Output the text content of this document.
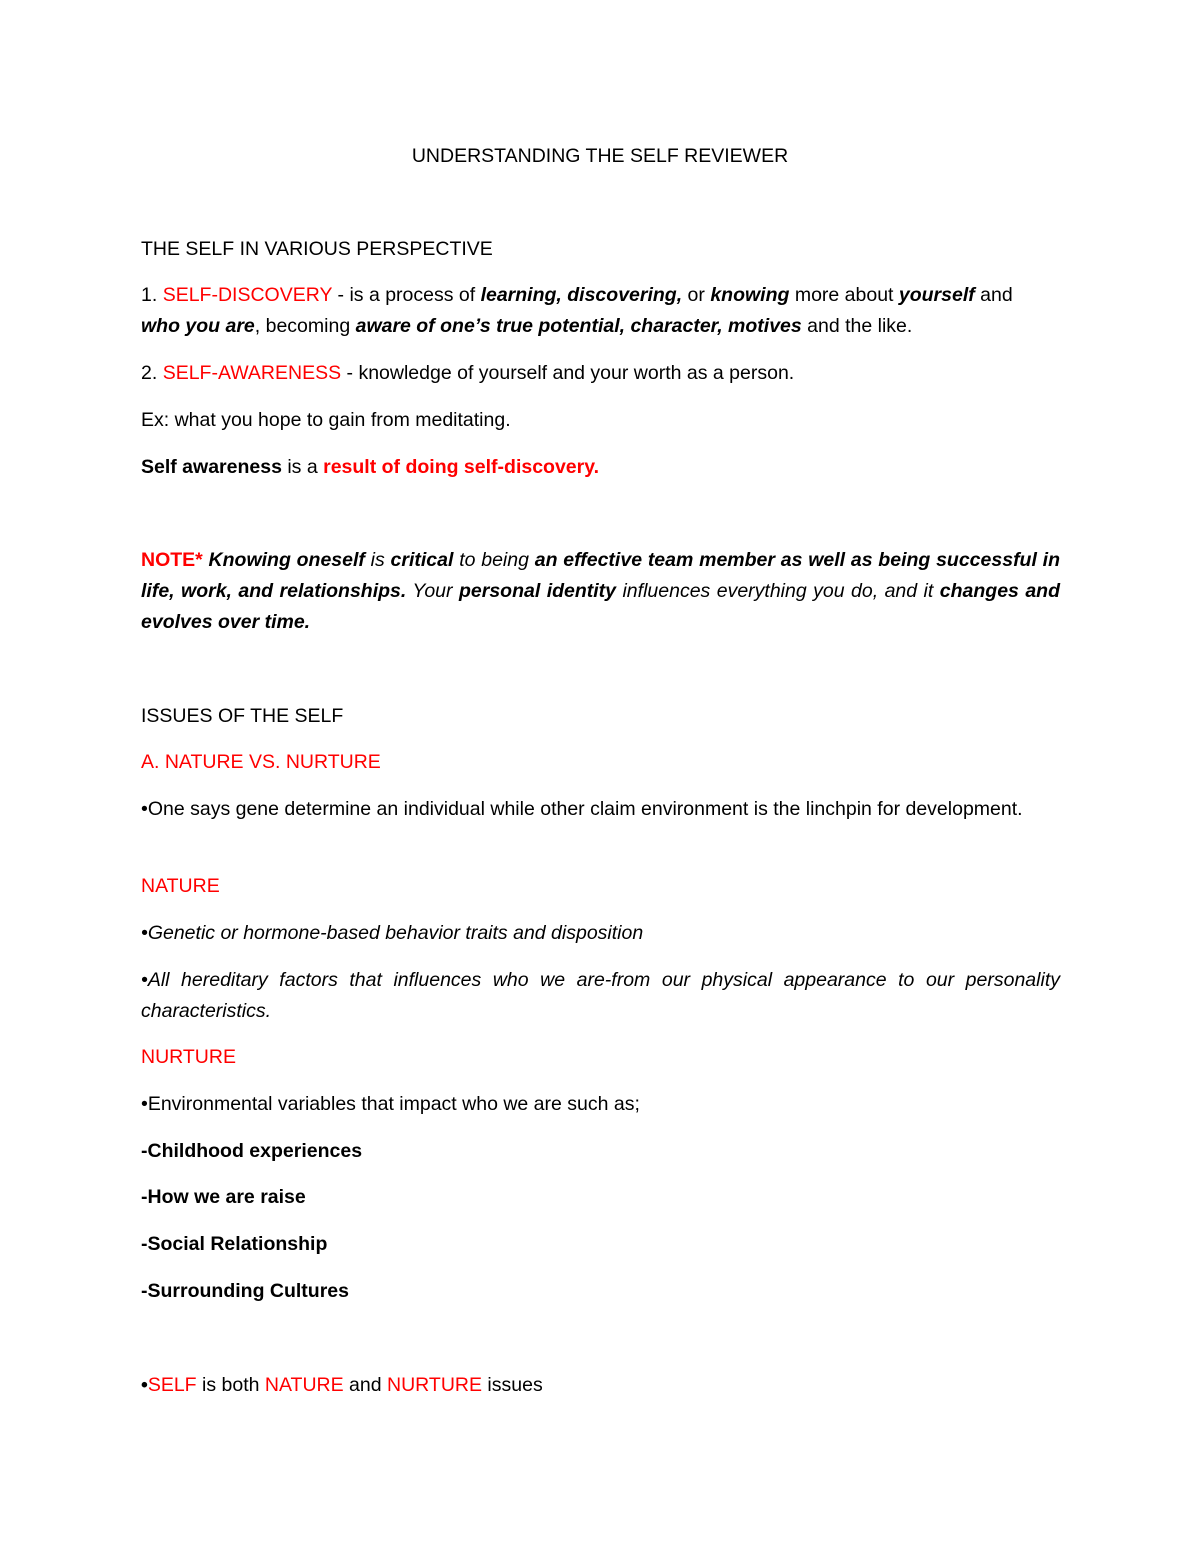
UNDERSTANDING THE SELF REVIEWER
THE SELF IN VARIOUS PERSPECTIVE
1. SELF-DISCOVERY - is a process of learning, discovering, or knowing more about yourself and
who you are, becoming aware of one’s true potential, character, motives and the like.
2. SELF-AWARENESS - knowledge of yourself and your worth as a person.
Ex: what you hope to gain from meditating.
Self awareness is a result of doing self-discovery.
NOTE* Knowing oneself is critical to being an effective team member as well as being successful in life, work, and relationships. Your personal identity influences everything you do, and it changes and evolves over time.
ISSUES OF THE SELF
A. NATURE VS. NURTURE
•One says gene determine an individual while other claim environment is the linchpin for development.
NATURE
•Genetic or hormone-based behavior traits and disposition
•All hereditary factors that influences who we are-from our physical appearance to our personality characteristics.
NURTURE
•Environmental variables that impact who we are such as;
-Childhood experiences
-How we are raise
-Social Relationship
-Surrounding Cultures
•SELF is both NATURE and NURTURE issues
